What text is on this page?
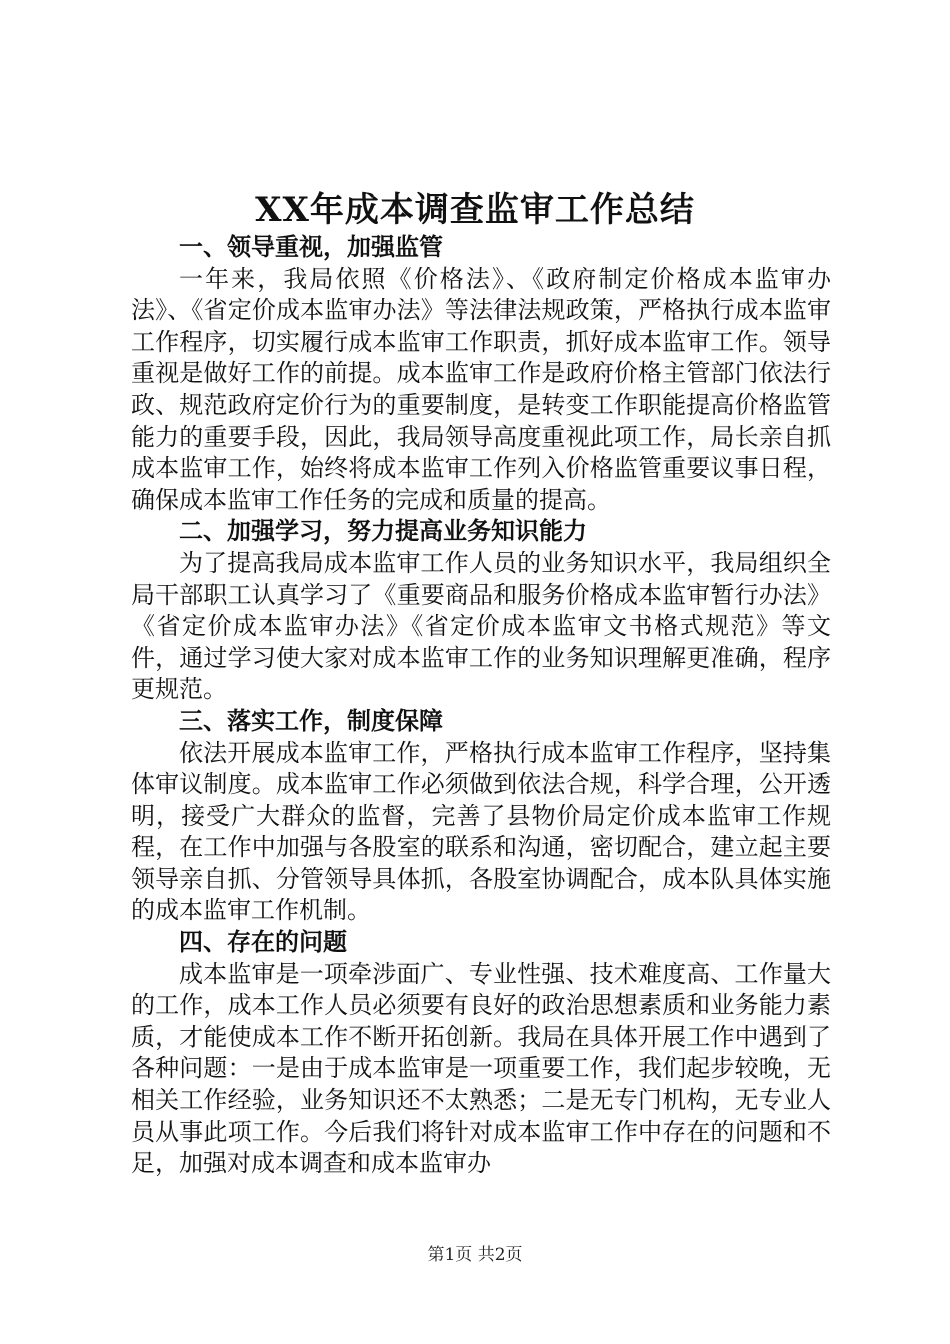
XX年成本调查监审工作总结

一、领导重视，加强监管

一年来，我局依照《价格法》、《政府制定价格成本监审办法》、《省定价成本监审办法》等法律法规政策，严格执行成本监审工作程序，切实履行成本监审工作职责，抓好成本监审工作。领导重视是做好工作的前提。成本监审工作是政府价格主管部门依法行政、规范政府定价行为的重要制度，是转变工作职能提高价格监管能力的重要手段，因此，我局领导高度重视此项工作，局长亲自抓成本监审工作，始终将成本监审工作列入价格监管重要议事日程，确保成本监审工作任务的完成和质量的提高。

二、加强学习，努力提高业务知识能力

为了提高我局成本监审工作人员的业务知识水平，我局组织全局干部职工认真学习了《重要商品和服务价格成本监审暂行办法》《省定价成本监审办法》《省定价成本监审文书格式规范》等文件，通过学习使大家对成本监审工作的业务知识理解更准确，程序更规范。

三、落实工作，制度保障

依法开展成本监审工作，严格执行成本监审工作程序，坚持集体审议制度。成本监审工作必须做到依法合规，科学合理，公开透明，接受广大群众的监督，完善了县物价局定价成本监审工作规程，在工作中加强与各股室的联系和沟通，密切配合，建立起主要领导亲自抓、分管领导具体抓，各股室协调配合，成本队具体实施的成本监审工作机制。

四、存在的问题

成本监审是一项牵涉面广、专业性强、技术难度高、工作量大的工作，成本工作人员必须要有良好的政治思想素质和业务能力素质，才能使成本工作不断开拓创新。我局在具体开展工作中遇到了各种问题：一是由于成本监审是一项重要工作，我们起步较晚，无相关工作经验，业务知识还不太熟悉；二是无专门机构，无专业人员从事此项工作。今后我们将针对成本监审工作中存在的问题和不足，加强对成本调查和成本监审办

第1页 共2页
